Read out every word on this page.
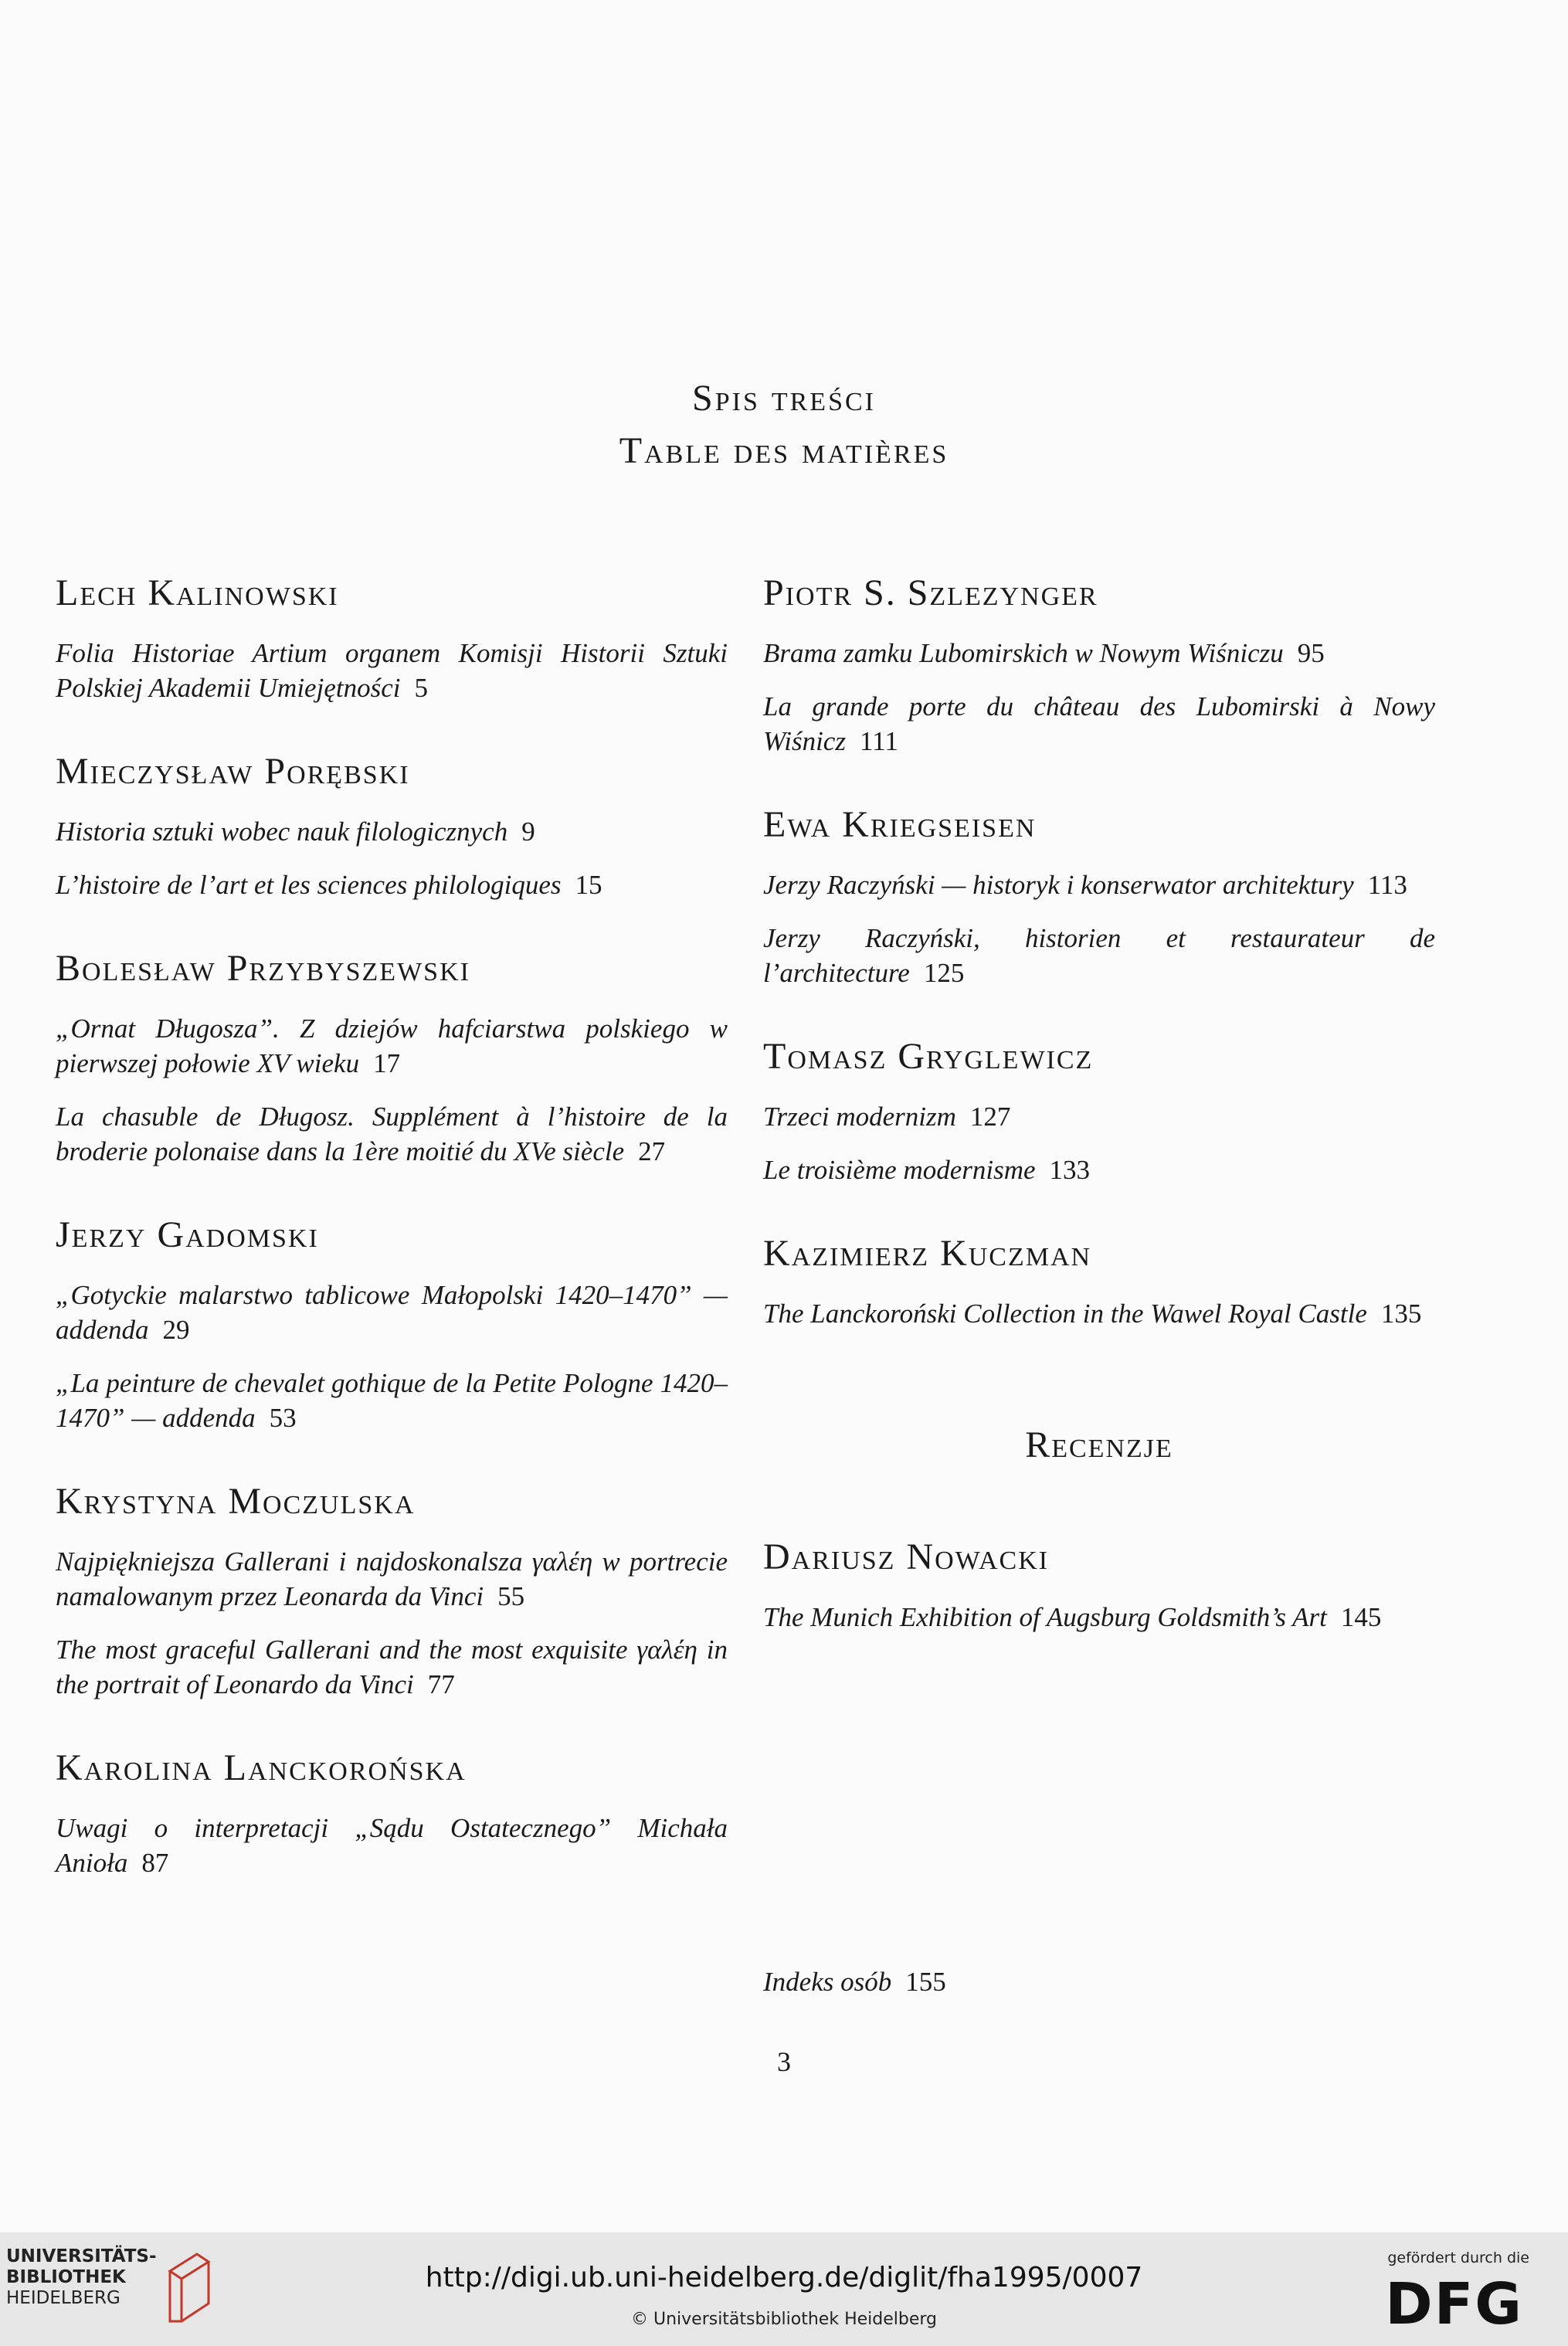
Spis treści
Table des matières
Lech Kalinowski
Folia Historiae Artium organem Komisji Historii Sztuki Polskiej Akademii Umiejętności 5
Mieczysław Porębski
Historia sztuki wobec nauk filologicznych 9
L’histoire de l’art et les sciences philologiques 15
Bolesław Przybyszewski
„Ornat Długosza”. Z dziejów hafciarstwa polskiego w pierwszej połowie XV wieku 17
La chasuble de Długosz. Supplément à l’histoire de la broderie polonaise dans la 1ère moitié du XVe siècle 27
Jerzy Gadomski
„Gotyckie malarstwo tablicowe Małopolski 1420–1470” — addenda 29
„La peinture de chevalet gothique de la Petite Pologne 1420–1470” — addenda 53
Krystyna Moczulska
Najpiękniejsza Gallerani i najdoskonalsza γαλέη w portrecie namalowanym przez Leonarda da Vinci 55
The most graceful Gallerani and the most exquisite γαλέη in the portrait of Leonardo da Vinci 77
Karolina Lanckorońska
Uwagi o interpretacji „Sądu Ostatecznego” Michała Anioła 87
Piotr S. Szlezynger
Brama zamku Lubomirskich w Nowym Wiśniczu 95
La grande porte du château des Lubomirski à Nowy Wiśnicz 111
Ewa Kriegseisen
Jerzy Raczyński — historyk i konserwator architektury 113
Jerzy Raczyński, historien et restaurateur de l’architecture 125
Tomasz Gryglewicz
Trzeci modernizm 127
Le troisième modernisme 133
Kazimierz Kuczman
The Lanckoroński Collection in the Wawel Royal Castle 135
Recenzje
Dariusz Nowacki
The Munich Exhibition of Augsburg Goldsmith’s Art 145
Indeks osób 155
3
UNIVERSITÄTS-
BIBLIOTHEK
HEIDELBERG
http://digi.ub.uni-heidelberg.de/diglit/fha1995/0007
© Universitätsbibliothek Heidelberg
gefördert durch die
DFG
